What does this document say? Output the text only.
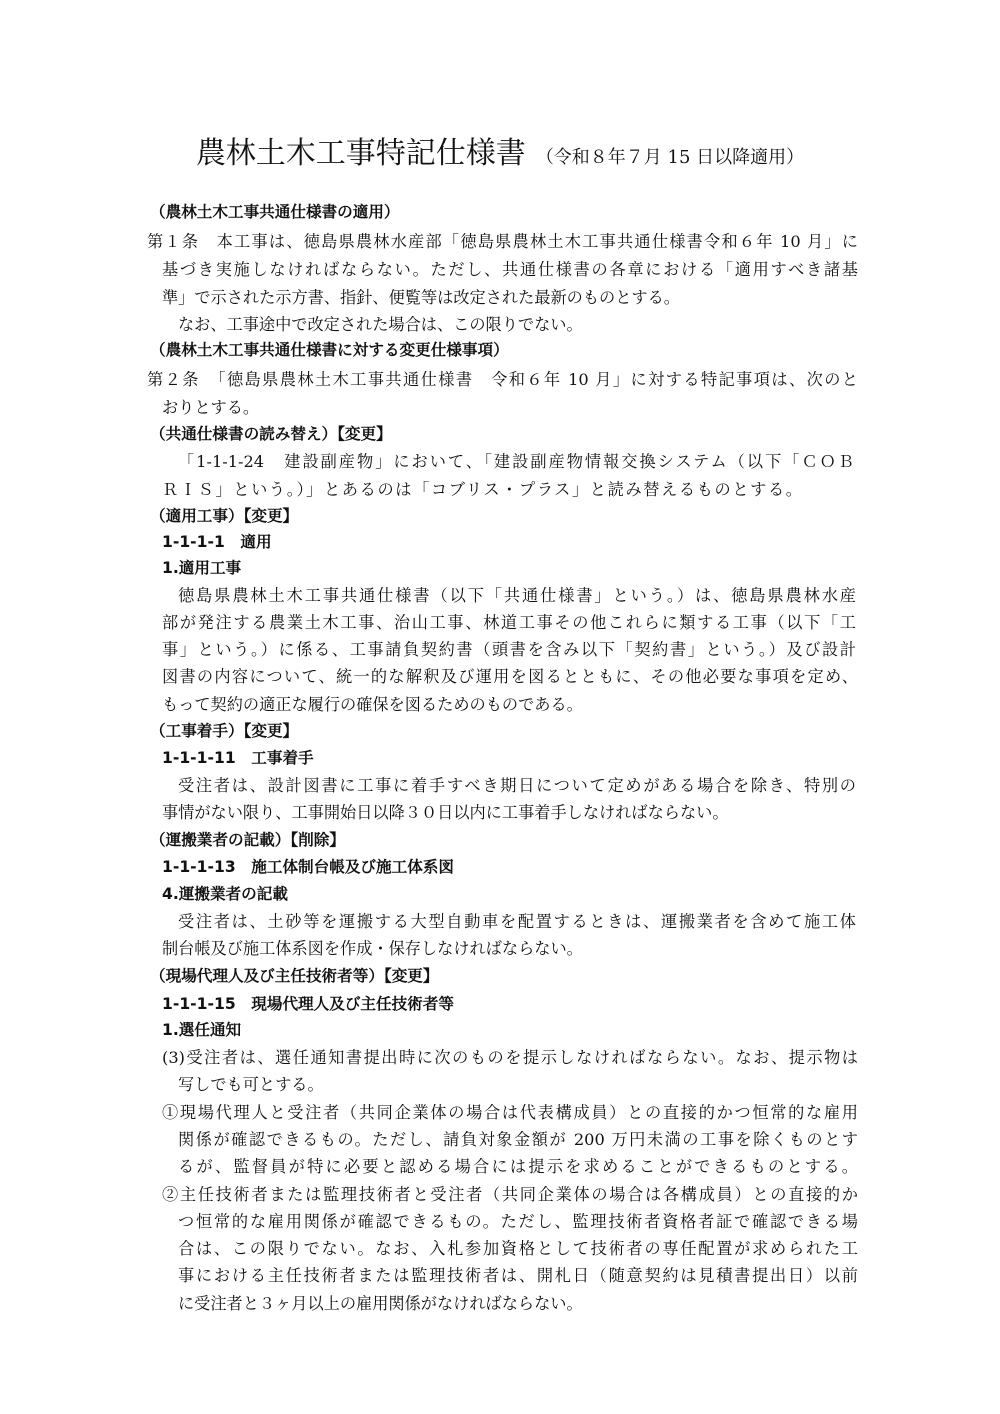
農林土木工事特記仕様書 （令和８年７月 15 日以降適用）
（農林土木工事共通仕様書の適用）
第１条　本工事は、徳島県農林水産部「徳島県農林土木工事共通仕様書令和６年 10 月」に
基づき実施しなければならない。ただし、共通仕様書の各章における「適用すべき諸基
準」で示された示方書、指針、便覧等は改定された最新のものとする。
なお、工事途中で改定された場合は、この限りでない。
（農林土木工事共通仕様書に対する変更仕様事項）
第２条　「徳島県農林土木工事共通仕様書　令和６年 10 月」に対する特記事項は、次のと
おりとする。
（共通仕様書の読み替え）【変更】
「1-1-1-24　建設副産物」において、「建設副産物情報交換システム（以下「ＣＯＢ
ＲＩＳ」という。）」とあるのは「コブリス・プラス」と読み替えるものとする。
（適用工事）【変更】
1-1-1-1　適用
1.適用工事
徳島県農林土木工事共通仕様書（以下「共通仕様書」という。）は、徳島県農林水産
部が発注する農業土木工事、治山工事、林道工事その他これらに類する工事（以下「工
事」という。）に係る、工事請負契約書（頭書を含み以下「契約書」という。）及び設計
図書の内容について、統一的な解釈及び運用を図るとともに、その他必要な事項を定め、
もって契約の適正な履行の確保を図るためのものである。
（工事着手）【変更】
1-1-1-11　工事着手
受注者は、設計図書に工事に着手すべき期日について定めがある場合を除き、特別の
事情がない限り、工事開始日以降３０日以内に工事着手しなければならない。
（運搬業者の記載）【削除】
1-1-1-13　施工体制台帳及び施工体系図
4.運搬業者の記載
受注者は、土砂等を運搬する大型自動車を配置するときは、運搬業者を含めて施工体
制台帳及び施工体系図を作成・保存しなければならない。
（現場代理人及び主任技術者等）【変更】
1-1-1-15　現場代理人及び主任技術者等
1.選任通知
(3)受注者は、選任通知書提出時に次のものを提示しなければならない。なお、提示物は
写しでも可とする。
①現場代理人と受注者（共同企業体の場合は代表構成員）との直接的かつ恒常的な雇用
関係が確認できるもの。ただし、請負対象金額が 200 万円未満の工事を除くものとす
るが、監督員が特に必要と認める場合には提示を求めることができるものとする。
②主任技術者または監理技術者と受注者（共同企業体の場合は各構成員）との直接的か
つ恒常的な雇用関係が確認できるもの。ただし、監理技術者資格者証で確認できる場
合は、この限りでない。なお、入札参加資格として技術者の専任配置が求められた工
事における主任技術者または監理技術者は、開札日（随意契約は見積書提出日）以前
に受注者と３ヶ月以上の雇用関係がなければならない。
